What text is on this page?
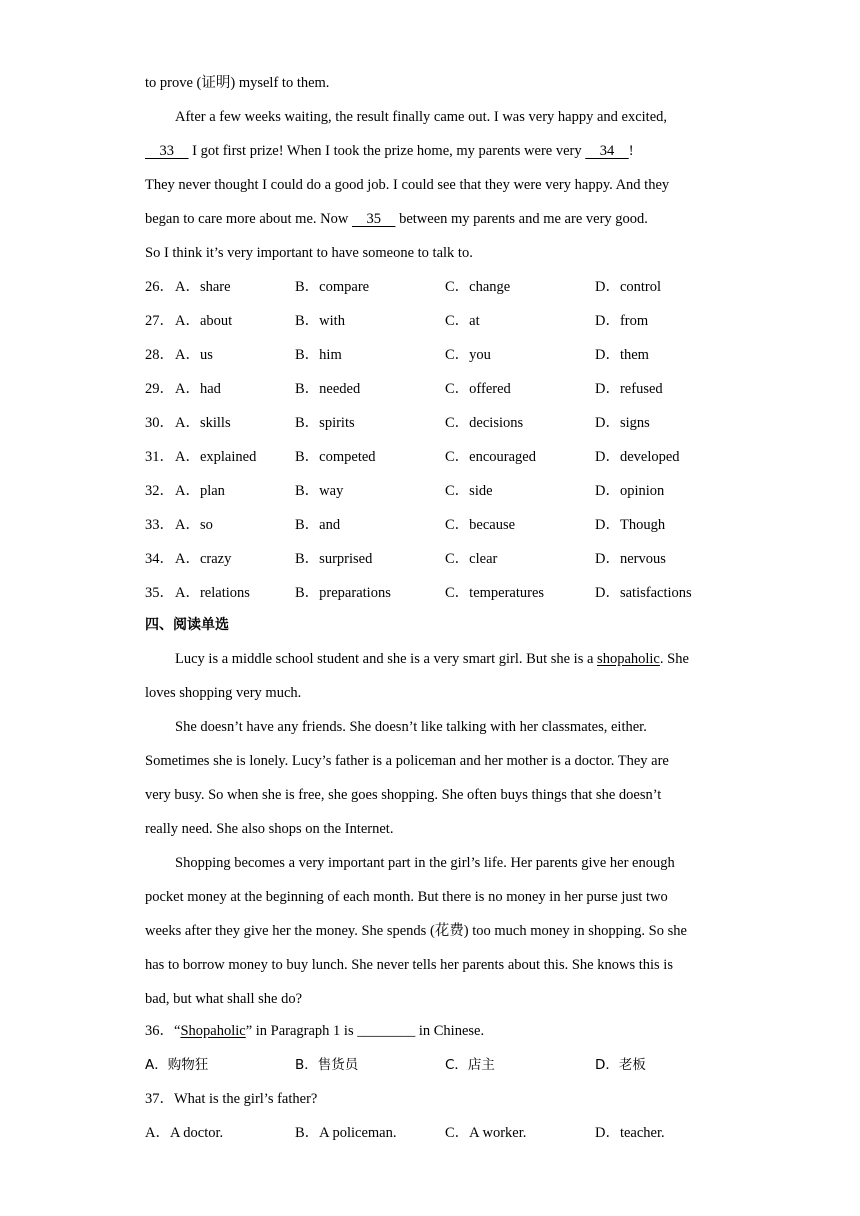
to prove (证明) myself to them.
After a few weeks waiting, the result finally came out. I was very happy and excited,
33     I got first prize! When I took the prize home, my parents were very     34    !
They never thought I could do a good job. I could see that they were very happy. And they
began to care more about me. Now     35     between my parents and me are very good.
So I think it’s very important to have someone to talk to.
26． A．share	B．compare	C．change	D．control
27． A．about	B．with	C．at	D．from
28． A．us	B．him	C．you	D．them
29． A．had	B．needed	C．offered	D．refused
30． A．skills	B．spirits	C．decisions	D．signs
31． A．explained	B．competed	C．encouraged	D．developed
32． A．plan	B．way	C．side	D．opinion
33． A．so	B．and	C．because	D．Though
34． A．crazy	B．surprised	C．clear	D．nervous
35． A．relations	B．preparations	C．temperatures	D．satisfactions
四、阅读单选
Lucy is a middle school student and she is a very smart girl. But she is a shopaholic. She
loves shopping very much.
She doesn’t have any friends. She doesn’t like talking with her classmates, either.
Sometimes she is lonely. Lucy’s father is a policeman and her mother is a doctor. They are
very busy. So when she is free, she goes shopping. She often buys things that she doesn’t
really need. She also shops on the Internet.
Shopping becomes a very important part in the girl’s life. Her parents give her enough
pocket money at the beginning of each month. But there is no money in her purse just two
weeks after they give her the money. She spends (花费) too much money in shopping. So she
has to borrow money to buy lunch. She never tells her parents about this. She knows this is
bad, but what shall she do?
36．“Shopaholic” in Paragraph 1 is ________ in Chinese.
A．购物狂	B．售货员	C．店主	D．老板
37．What is the girl’s father?
A．A doctor.	B．A policeman.	C．A worker.	D．teacher.
